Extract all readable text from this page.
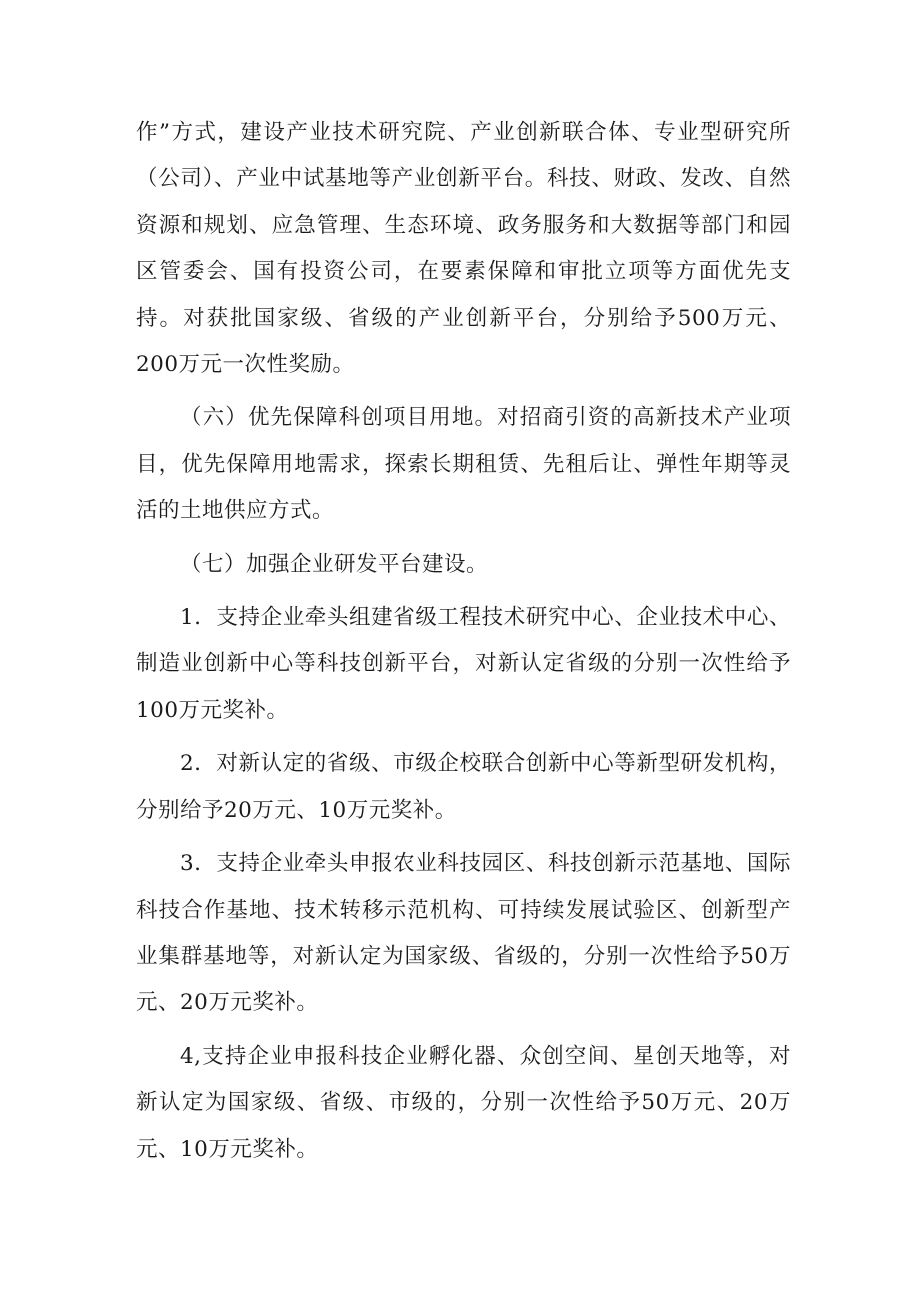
作”方式，建设产业技术研究院、产业创新联合体、专业型研究所（公司）、产业中试基地等产业创新平台。科技、财政、发改、自然资源和规划、应急管理、生态环境、政务服务和大数据等部门和园区管委会、国有投资公司，在要素保障和审批立项等方面优先支持。对获批国家级、省级的产业创新平台，分别给予500万元、200万元一次性奖励。

（六）优先保障科创项目用地。对招商引资的高新技术产业项目，优先保障用地需求，探索长期租赁、先租后让、弹性年期等灵活的土地供应方式。

（七）加强企业研发平台建设。

1．支持企业牵头组建省级工程技术研究中心、企业技术中心、制造业创新中心等科技创新平台，对新认定省级的分别一次性给予100万元奖补。

2．对新认定的省级、市级企校联合创新中心等新型研发机构，分别给予20万元、10万元奖补。

3．支持企业牵头申报农业科技园区、科技创新示范基地、国际科技合作基地、技术转移示范机构、可持续发展试验区、创新型产业集群基地等，对新认定为国家级、省级的，分别一次性给予50万元、20万元奖补。

4,支持企业申报科技企业孵化器、众创空间、星创天地等，对新认定为国家级、省级、市级的，分别一次性给予50万元、20万元、10万元奖补。
